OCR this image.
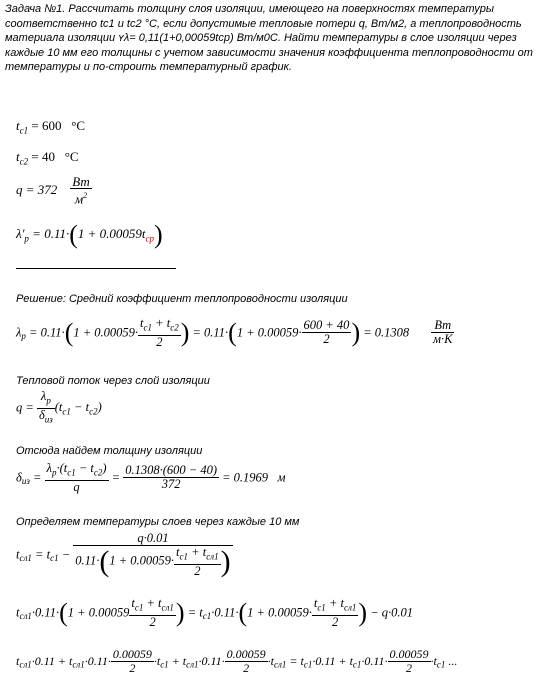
Задача №1. Рассчитать толщину слоя изоляции, имеющего на поверхностях температуры соответственно tc1 и tc2 °C, если допустимые тепловые потери q, Вт/м2, а теплопроводность материала изоляции ʏλ= 0,11(1+0,00059tср) Вт/м0С. Найти температуры в слое изоляции через каждые 10 мм его толщины с учетом зависимости значения коэффициента теплопроводности от температуры и по-строить температурный график.
$t_{c1} = 600$ °C
$t_{c2} = 40$ °C
$q = 372 \frac{Вт}{м^2}$
$\lambda'_p = 0.11\cdot(1 + 0.00059t_{cp})$
Решение: Средний коэффициент теплопроводности изоляции
$\lambda_p = 0.11\cdot(1 + 0.00059\cdot \frac{t_{c1} + t_{c2}}{2}$ ) = $0.11\cdot(1 + 0.00059\cdot \frac{600 + 40}{2}$ ) = $0.1308 \frac{Вт}{м\cdot К}$
Тепловой поток через слой изоляции
$q = \frac{\lambda_p}{\delta_{из}} (t_{c1} - t_{c2})$
Отсюда найдем толщину изоляции
$\delta_{из} = \frac{\lambda_p\cdot(t_{c1} - t_{c2})}{q} = \frac{0.1308\cdot(600 - 40)}{372} = 0.1969$ м
Определяем температуры слоев через каждые 10 мм
$t_{сл1} = t_{c1} - \frac{q\cdot 0.01}{0.11\cdot(1 + 0.00059\cdot \frac{t_{c1} + t_{сл1}}{2} )}$
$t_{сл1}\cdot 0.11\cdot(1 + 0.00059 \frac{t_{c1} + t_{сл1}}{2}$ ) = $t_{c1}\cdot 0.11\cdot(1 + 0.00059\cdot \frac{t_{c1} + t_{сл1}}{2}$ ) − q·0.01
$t_{сл1}\cdot 0.11 + t_{сл1}\cdot 0.11\cdot \frac{0.00059}{2} \cdot t_{c1} + t_{сл1}\cdot 0.11\cdot \frac{0.00059}{2} \cdot t_{сл1} = t_{c1}\cdot 0.11 + t_{c1}\cdot 0.11\cdot \frac{0.00059}{2} \cdot t_{c1}$ ...
